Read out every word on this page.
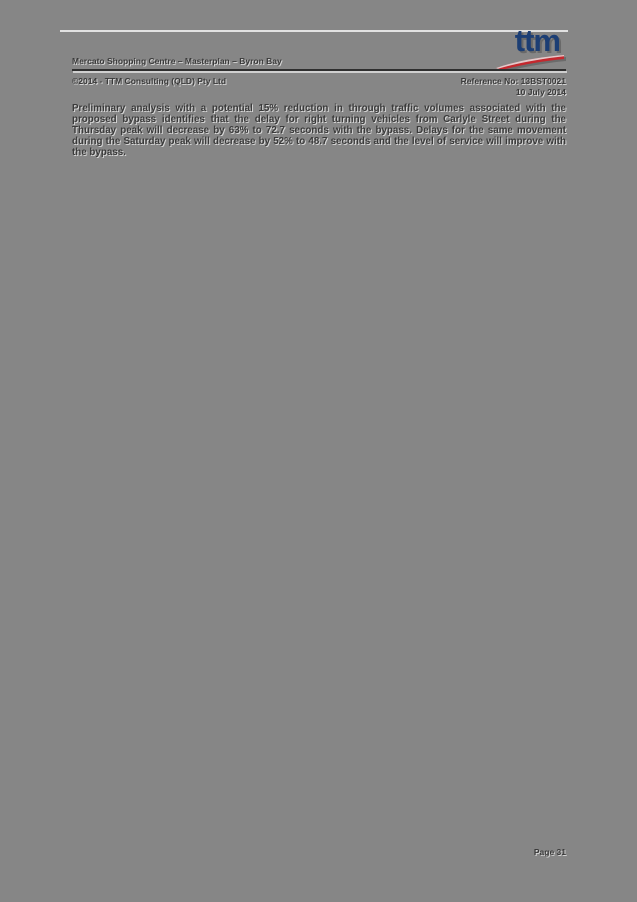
ttm
Mercato Shopping Centre – Masterplan – Byron Bay
©2014 - TTM Consulting (QLD) Pty Ltd	Reference No: 13BST0021
10 July 2014
Preliminary analysis with a potential 15% reduction in through traffic volumes associated with the proposed bypass identifies that the delay for right turning vehicles from Carlyle Street during the Thursday peak will decrease by 63% to 72.7 seconds with the bypass. Delays for the same movement during the Saturday peak will decrease by 52% to 48.7 seconds and the level of service will improve with the bypass.
Page 31
